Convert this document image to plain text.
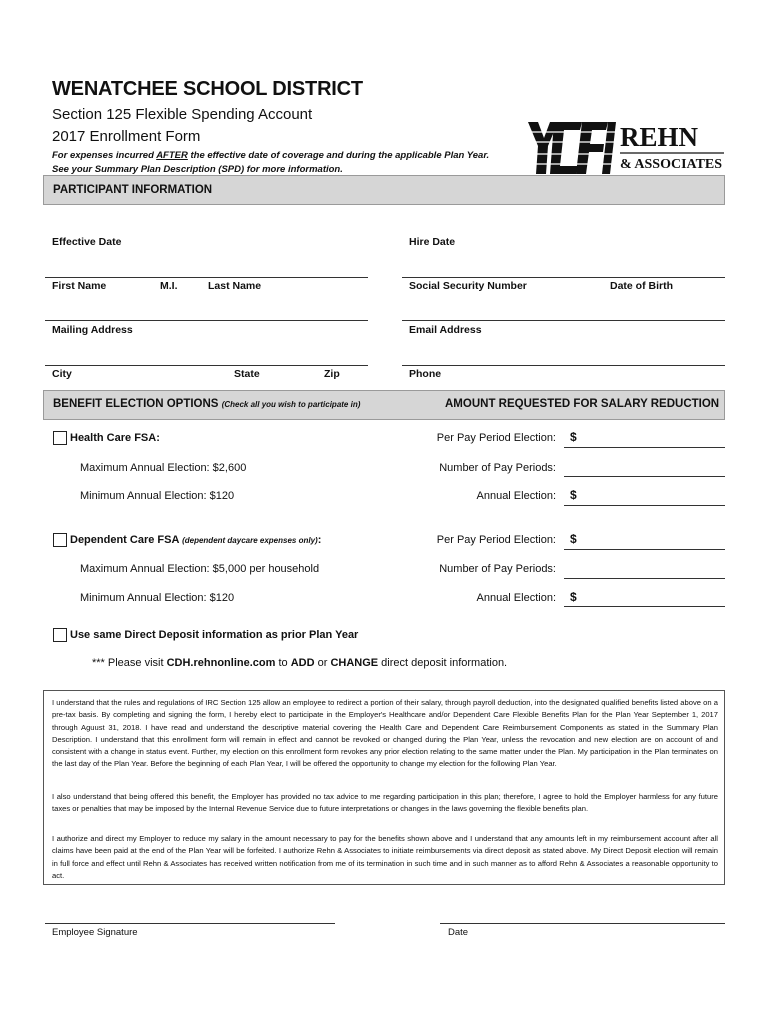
WENATCHEE SCHOOL DISTRICT
Section 125 Flexible Spending Account
2017 Enrollment Form
For expenses incurred AFTER the effective date of coverage and during the applicable Plan Year. See your Summary Plan Description (SPD) for more information.
REHN
& ASSOCIATES
PARTICIPANT INFORMATION
Effective Date	Hire Date
First Name	M.I.	Last Name	Social Security Number	Date of Birth
Mailing Address	Email Address
City	State	Zip	Phone
BENEFIT ELECTION OPTIONS (Check all you wish to participate in)	AMOUNT REQUESTED FOR SALARY REDUCTION
Health Care FSA:
Maximum Annual Election: $2,600
Minimum Annual Election: $120
Per Pay Period Election: $
Number of Pay Periods:
Annual Election: $
Dependent Care FSA (dependent daycare expenses only):
Maximum Annual Election: $5,000 per household
Minimum Annual Election: $120
Per Pay Period Election: $
Number of Pay Periods:
Annual Election: $
Use same Direct Deposit information as prior Plan Year
*** Please visit CDH.rehnonline.com to ADD or CHANGE direct deposit information.
I understand that the rules and regulations of IRC Section 125 allow an employee to redirect a portion of their salary, through payroll deduction, into the designated qualified benefits listed above on a pre-tax basis. By completing and signing the form, I hereby elect to participate in the Employer's Healthcare and/or Dependent Care Flexible Benefits Plan for the Plan Year September 1, 2017 through Aguust 31, 2018. I have read and understand the descriptive material covering the Health Care and Dependent Care Reimbursement Components as stated in the Summary Plan Description. I understand that this enrollment form will remain in effect and cannot be revoked or changed during the Plan Year, unless the revocation and new election are on account of and consistent with a change in status event. Further, my election on this enrollment form revokes any prior election relating to the same matter under the Plan. My participation in the Plan terminates on the last day of the Plan Year. Before the beginning of each Plan Year, I will be offered the opportunity to change my election for the following Plan Year.
I also understand that being offered this benefit, the Employer has provided no tax advice to me regarding participation in this plan; therefore, I agree to hold the Employer harmless for any future taxes or penalties that may be imposed by the Internal Revenue Service due to future interpretations or changes in the laws governing the flexible benefits plan.
I authorize and direct my Employer to reduce my salary in the amount necessary to pay for the benefits shown above and I understand that any amounts left in my reimbursement account after all claims have been paid at the end of the Plan Year will be forfeited. I authorize Rehn & Associates to initiate reimbursements via direct deposit as stated above. My Direct Deposit election will remain in full force and effect until Rehn & Associates has received written notification from me of its termination in such time and in such manner as to afford Rehn & Associates a reasonable opportunity to act.
Employee Signature	Date
